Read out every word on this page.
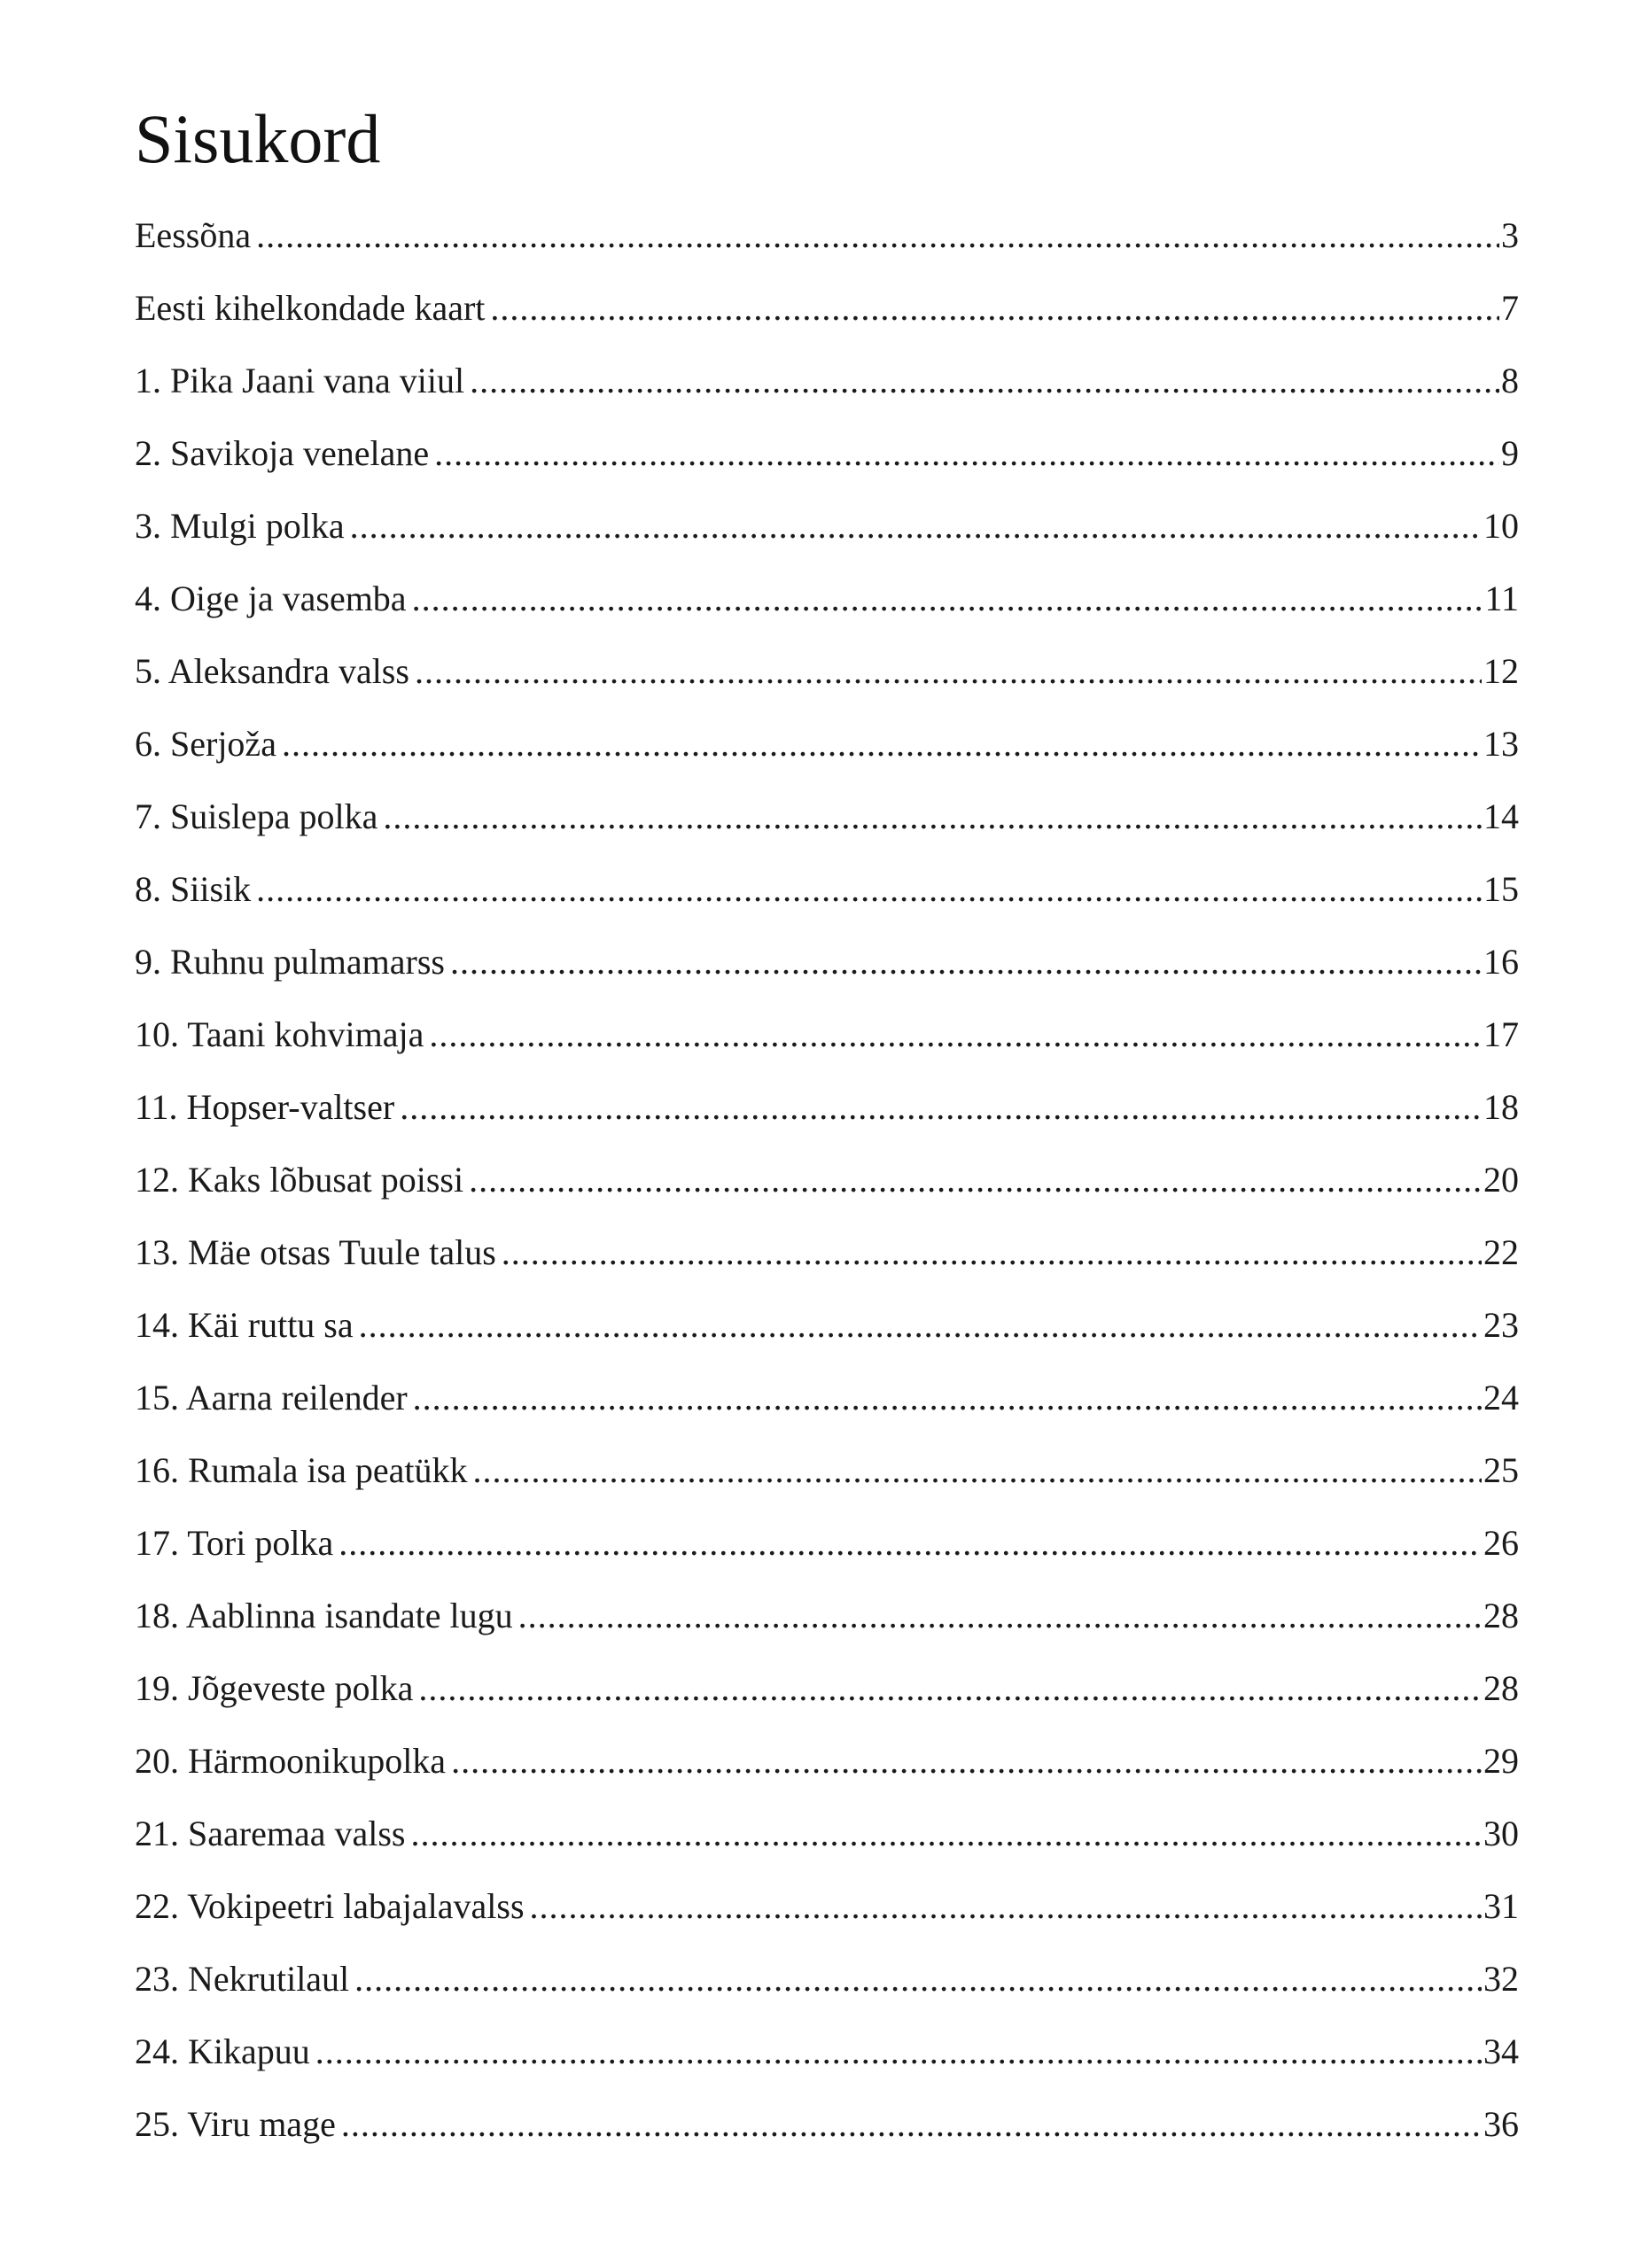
Sisukord
Eessõna .....	3
Eesti kihelkondade kaart .....	7
1. Pika Jaani vana viiul .....	8
2. Savikoja venelane .....	9
3. Mulgi polka .....	10
4. Oige ja vasemba .....	11
5. Aleksandra valss .....	12
6. Serjoža .....	13
7. Suislepa polka .....	14
8. Siisik .....	15
9. Ruhnu pulmamarss .....	16
10. Taani kohvimaja .....	17
11. Hopser-valtser .....	18
12. Kaks lõbusat poissi .....	20
13. Mäe otsas Tuule talus .....	22
14. Käi ruttu sa .....	23
15. Aarna reilender .....	24
16. Rumala isa peatükk .....	25
17. Tori polka .....	26
18. Aablinna isandate lugu .....	28
19. Jõgeveste polka .....	28
20. Härmoonikupolka .....	29
21. Saaremaa valss .....	30
22. Vokipeetri labajalavalss .....	31
23. Nekrutilaul .....	32
24. Kikapuu .....	34
25. Viru mage .....	36
